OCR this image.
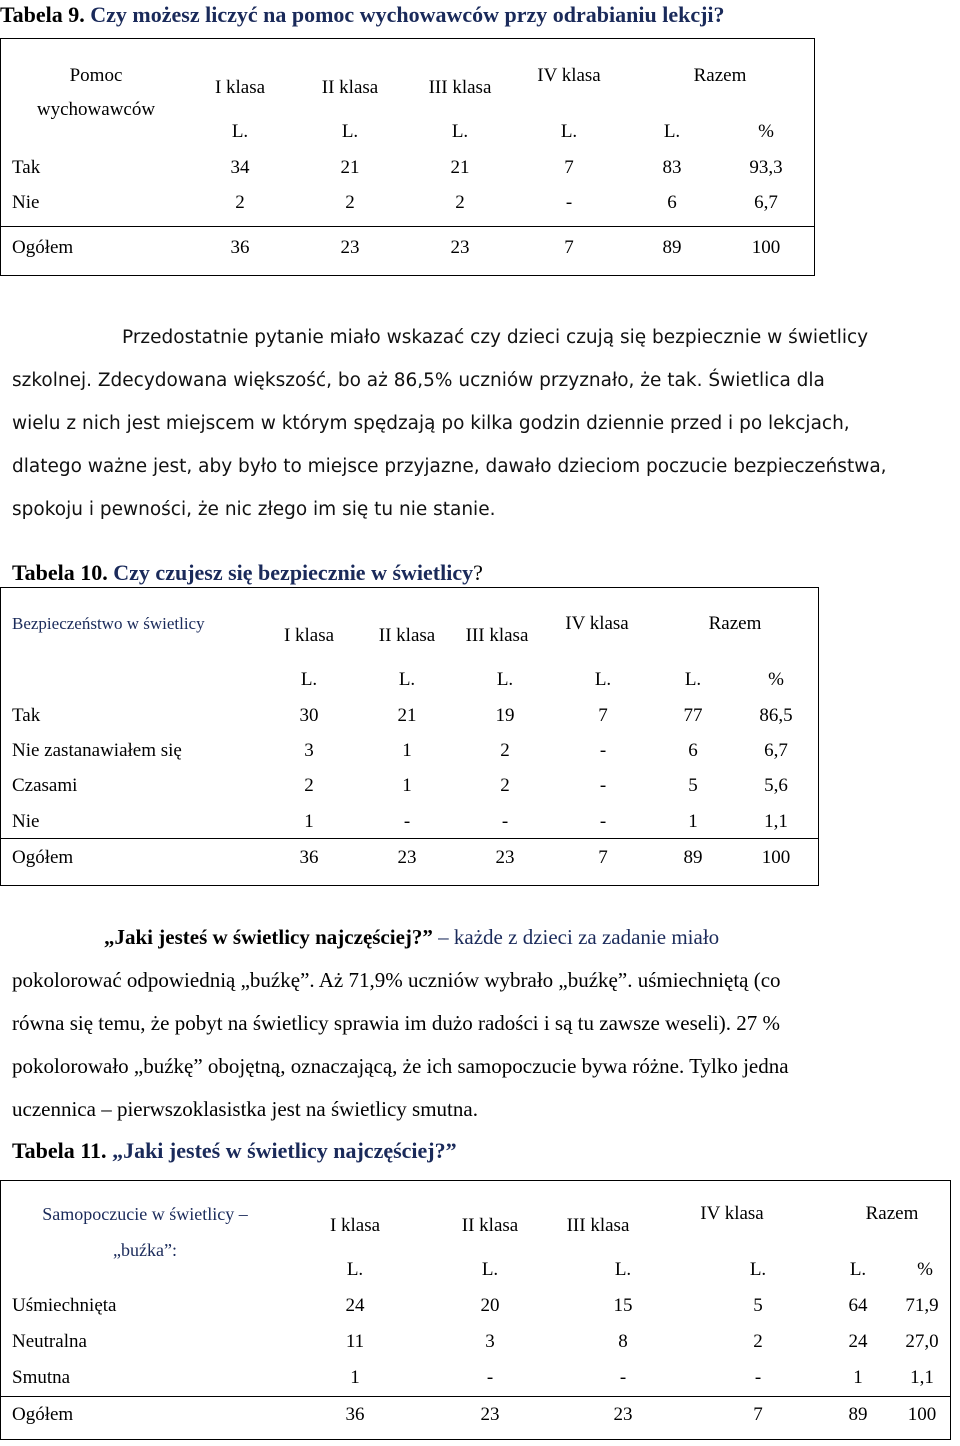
Tabela 9. Czy możesz liczyć na pomoc wychowawców przy odrabianiu lekcji?
Pomoc
wychowawców
I klasa	II klasa	III klasa
IV klasa	Razem
L.	L.	L.	L.	L.	%
Tak	34	21	21	7	83	93,3
Nie	2	2	2	-	6	6,7
Ogółem	36	23	23	7	89	100
Przedostatnie pytanie miało wskazać czy dzieci czują się bezpiecznie w świetlicy
szkolnej. Zdecydowana większość, bo aż 86,5% uczniów przyznało, że tak. Świetlica dla
wielu z nich jest miejscem w którym spędzają po kilka godzin dziennie przed i po lekcjach,
dlatego ważne jest, aby było to miejsce przyjazne, dawało dzieciom poczucie bezpieczeństwa,
spokoju i pewności, że nic złego im się tu nie stanie.
Tabela 10. Czy czujesz się bezpiecznie w świetlicy?
Bezpieczeństwo w świetlicy
I klasa II klasa III klasa
IV klasa	Razem
L.	L.	L.	L.	L.	%
Tak	30	21	19	7	77	86,5
Nie zastanawiałem się	3	1	2	-	6	6,7
Czasami	2	1	2	-	5	5,6
Nie	1	-	-	-	1	1,1
Ogółem	36	23	23	7	89	100
„Jaki jesteś w świetlicy najczęściej?” – każde z dzieci za zadanie miało
pokolorować odpowiednią „buźkę”. Aż 71,9% uczniów wybrało „buźkę”. uśmiechniętą (co
równa się temu, że pobyt na świetlicy sprawia im dużo radości i są tu zawsze weseli). 27 %
pokolorowało „buźkę” obojętną, oznaczającą, że ich samopoczucie bywa różne. Tylko jedna
uczennica – pierwszoklasistka jest na świetlicy smutna.
Tabela 11. „Jaki jesteś w świetlicy najczęściej?”
Samopoczucie w świetlicy –
„buźka”:
I klasa	II klasa	III klasa
IV klasa	Razem
L.	L.	L.	L.	L.	%
Uśmiechnięta	24	20	15	5	64 71,9
Neutralna	11	3	8	2	24 27,0
Smutna	1	-	-	-	1 1,1
Ogółem	36	23	23	7	89 100
